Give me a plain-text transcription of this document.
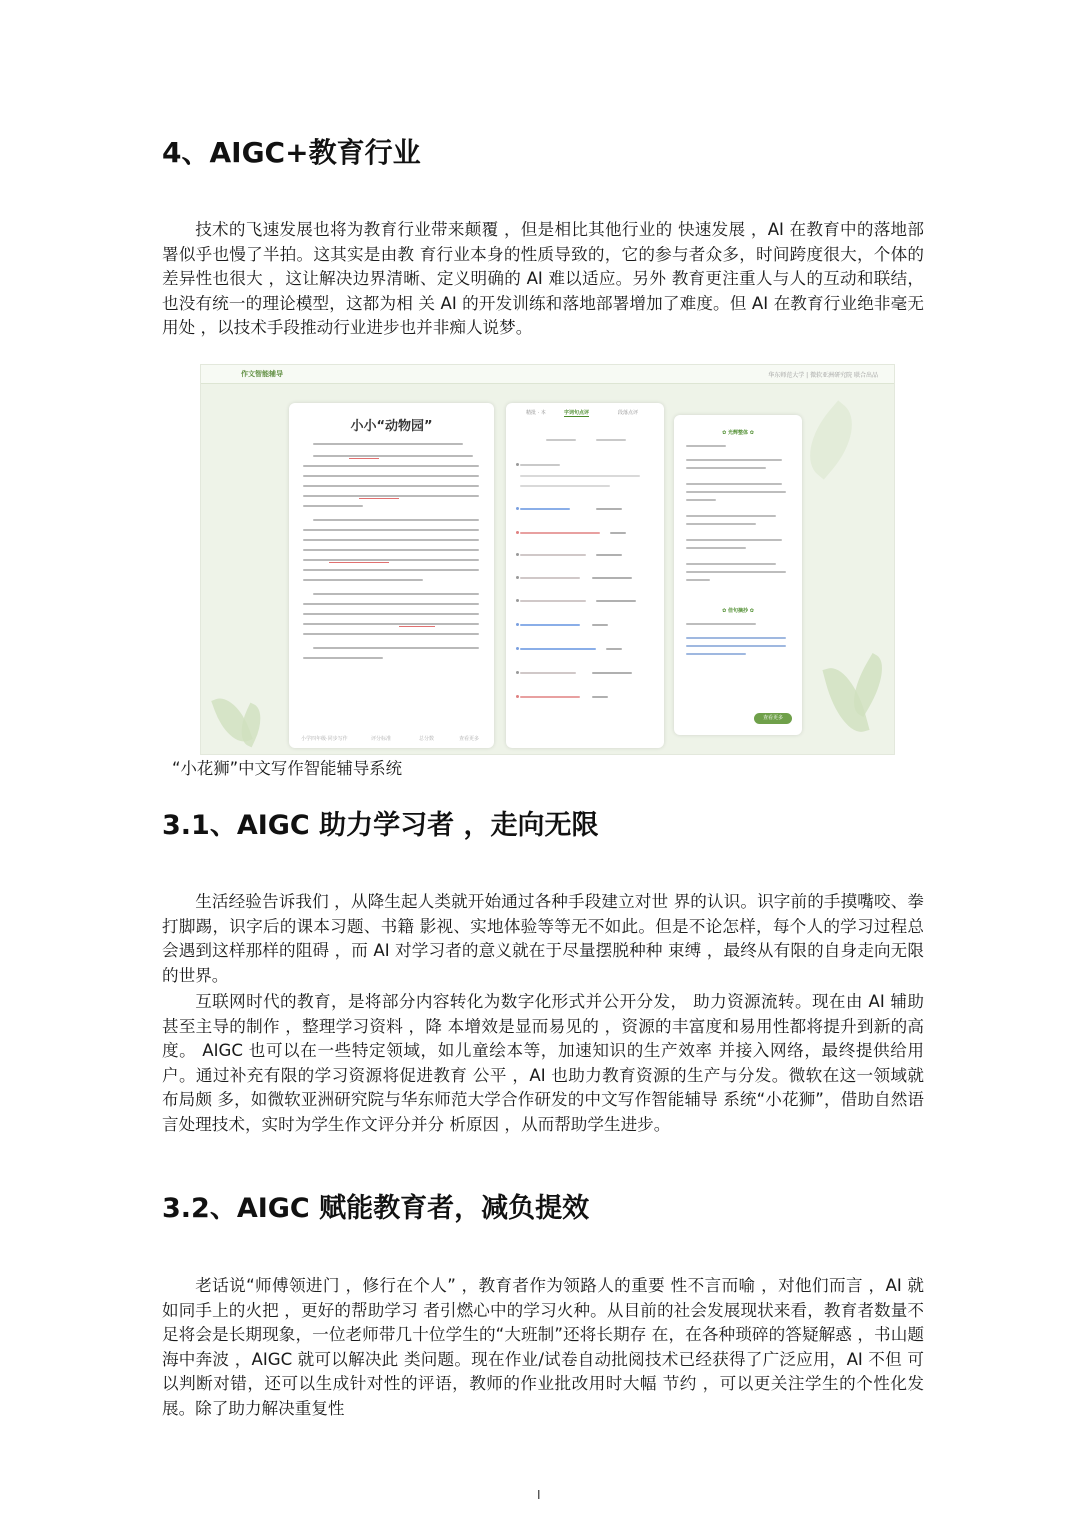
4、AIGC+教育行业

技术的飞速发展也将为教育行业带来颠覆 ，但是相比其他行业的 快速发展 ，AI 在教育中的落地部署似乎也慢了半拍。这其实是由教 育行业本身的性质导致的，它的参与者众多，时间跨度很大，个体的 差异性也很大 ，这让解决边界清晰、定义明确的 AI 难以适应。另外 教育更注重人与人的互动和联结，也没有统一的理论模型，这都为相 关 AI 的开发训练和落地部署增加了难度。但 AI 在教育行业绝非毫无用处 ，以技术手段推动行业进步也并非痴人说梦。

作文智能辅导	华东师范大学 | 微软亚洲研究院 联合出品
小小“动物园”
小学四年级·同步写作	评分标准	总分数	查看更多
精批 · 本	字词句点评	段落点评
✿ 光辉整体 ✿
✿ 佳句摘抄 ✿
查看更多

“小花狮”中文写作智能辅导系统

3.1、AIGC 助力学习者 ，走向无限

生活经验告诉我们 ，从降生起人类就开始通过各种手段建立对世 界的认识。识字前的手摸嘴咬、拳打脚踢，识字后的课本习题、书籍 影视、实地体验等等无不如此。但是不论怎样，每个人的学习过程总会遇到这样那样的阻碍 ，而 AI 对学习者的意义就在于尽量摆脱种种 束缚 ，最终从有限的自身走向无限的世界。

互联网时代的教育，是将部分内容转化为数字化形式并公开分发， 助力资源流转。现在由 AI 辅助甚至主导的制作 ，整理学习资料 ，降 本增效是显而易见的 ，资源的丰富度和易用性都将提升到新的高度。 AIGC 也可以在一些特定领域，如儿童绘本等，加速知识的生产效率 并接入网络，最终提供给用户。通过补充有限的学习资源将促进教育 公平 ，AI 也助力教育资源的生产与分发。微软在这一领域就布局颇 多，如微软亚洲研究院与华东师范大学合作研发的中文写作智能辅导 系统“小花狮”，借助自然语言处理技术，实时为学生作文评分并分 析原因 ，从而帮助学生进步。

3.2、AIGC 赋能教育者，减负提效

老话说“师傅领进门 ，修行在个人” ，教育者作为领路人的重要 性不言而喻 ，对他们而言 ，AI 就如同手上的火把 ，更好的帮助学习 者引燃心中的学习火种。从目前的社会发展现状来看，教育者数量不 足将会是长期现象，一位老师带几十位学生的“大班制”还将长期存 在，在各种琐碎的答疑解惑 ，书山题海中奔波 ，AIGC 就可以解决此 类问题。现在作业/试卷自动批阅技术已经获得了广泛应用，AI 不但 可以判断对错，还可以生成针对性的评语，教师的作业批改用时大幅 节约 ，可以更关注学生的个性化发展。除了助力解决重复性

I
